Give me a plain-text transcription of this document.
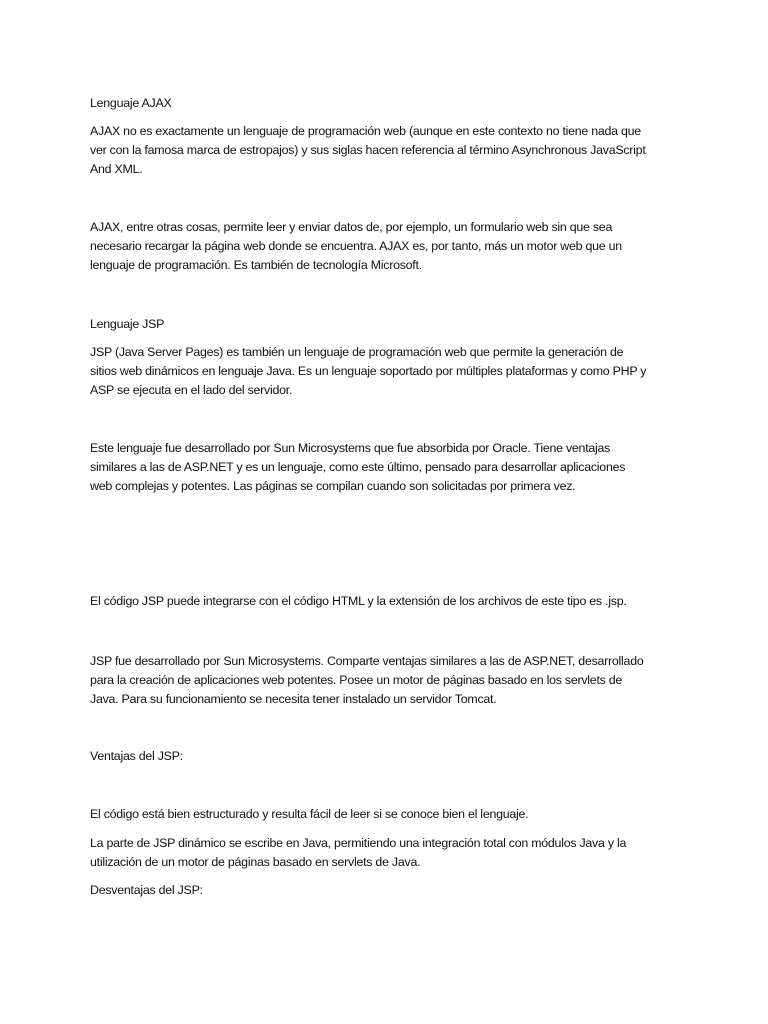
Lenguaje AJAX

AJAX no es exactamente un lenguaje de programación web (aunque en este contexto no tiene nada que
ver con la famosa marca de estropajos) y sus siglas hacen referencia al término Asynchronous JavaScript
And XML.

AJAX, entre otras cosas, permite leer y enviar datos de, por ejemplo, un formulario web sin que sea
necesario recargar la página web donde se encuentra. AJAX es, por tanto, más un motor web que un
lenguaje de programación. Es también de tecnología Microsoft.

Lenguaje JSP

JSP (Java Server Pages) es también un lenguaje de programación web que permite la generación de
sitios web dinámicos en lenguaje Java. Es un lenguaje soportado por múltiples plataformas y como PHP y
ASP se ejecuta en el lado del servidor.

Este lenguaje fue desarrollado por Sun Microsystems que fue absorbida por Oracle. Tiene ventajas
similares a las de ASP.NET y es un lenguaje, como este último, pensado para desarrollar aplicaciones
web complejas y potentes. Las páginas se compilan cuando son solicitadas por primera vez.

El código JSP puede integrarse con el código HTML y la extensión de los archivos de este tipo es .jsp.

JSP fue desarrollado por Sun Microsystems. Comparte ventajas similares a las de ASP.NET, desarrollado
para la creación de aplicaciones web potentes. Posee un motor de páginas basado en los servlets de
Java. Para su funcionamiento se necesita tener instalado un servidor Tomcat.

Ventajas del JSP:

El código está bien estructurado y resulta fácil de leer si se conoce bien el lenguaje.

La parte de JSP dinámico se escribe en Java, permitiendo una integración total con módulos Java y la
utilización de un motor de páginas basado en servlets de Java.

Desventajas del JSP:
